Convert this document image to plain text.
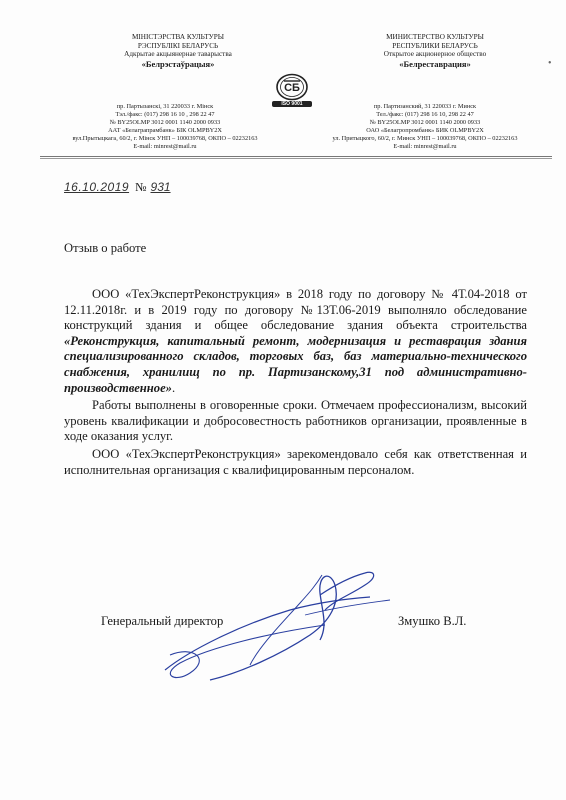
•
МІНІСТЭРСТВА КУЛЬТУРЫ
РЭСПУБЛІКІ БЕЛАРУСЬ
Адкрытае акцыянернае таварыства
«Белрэстаўрацыя»
МИНИСТЕРСТВО КУЛЬТУРЫ
РЕСПУБЛИКИ БЕЛАРУСЬ
Открытое акционерное общество
«Белреставрация»
СБ
ISO 9001
пр. Партызанскі, 31 220033 г. Мінск
Тэл./факс: (017) 298 16 10 , 298 22 47
№ BY25OLMP 3012 0001 1140 2000 0933
ААТ «Белаграпрамбанк» БІК OLMPBY2X
вул.Прытыцкага, 60/2, г. Мінск УНП – 100039768, ОКПО – 02232163
E-mail: minrest@mail.ru
пр. Партизанский, 31 220033 г. Минск
Тел./факс: (017) 298 16 10, 298 22 47
№ BY25OLMP 3012 0001 1140 2000 0933
ОАО «Белагропромбанк» БИК OLMPBY2X
ул. Притыцкого, 60/2, г. Минск УНП – 100039768, ОКПО – 02232163
E-mail: minrest@mail.ru
16.10.2019 № 931
Отзыв о работе

ООО «ТехЭкспертРеконструкция» в 2018 году по договору № 4Т.04-2018 от 12.11.2018г. и в 2019 году по договору №13Т.06-2019 выполняло обследование конструкций здания и общее обследование здания объекта строительства «Реконструкция, капитальный ремонт, модернизация и реставрация здания специализированного складов, торговых баз, баз материально-технического снабжения, хранилищ по пр. Партизанскому,31 под административно-производственное».

Работы выполнены в оговоренные сроки. Отмечаем профессионализм, высокий уровень квалификации и добросовестность работников организации, проявленные в ходе оказания услуг.

ООО «ТехЭкспертРеконструкция» зарекомендовало себя как ответственная и исполнительная организация с квалифицированным персоналом.

Генеральный директор	Змушко В.Л.
